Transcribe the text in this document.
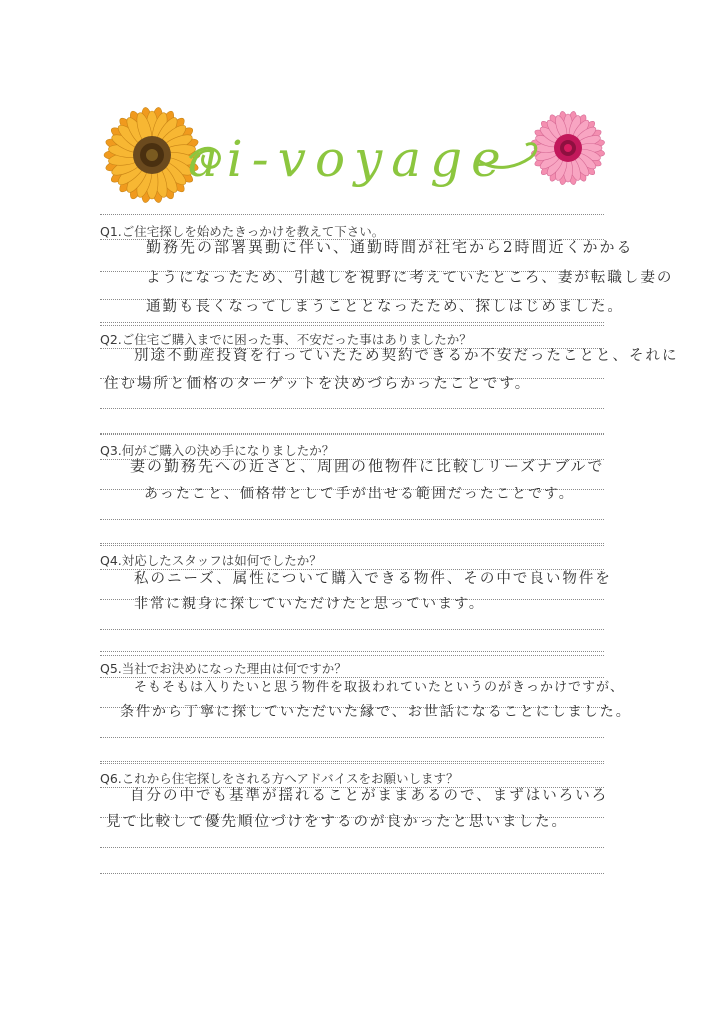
ai-voyage
Q1.ご住宅探しを始めたきっかけを教えて下さい。
勤務先の部署異動に伴い、通勤時間が社宅から2時間近くかかる
ようになったため、引越しを視野に考えていたところ、妻が転職し妻の
通勤も長くなってしまうこととなったため、探しはじめました。
Q2.ご住宅ご購入までに困った事、不安だった事はありましたか？
別途不動産投資を行っていたため契約できるか不安だったことと、それに
住む場所と価格のターゲットを決めづらかったことです。
Q3.何がご購入の決め手になりましたか？
妻の勤務先への近さと、周囲の他物件に比較しリーズナブルで
あったこと、価格帯として手が出せる範囲だったことです。
Q4.対応したスタッフは如何でしたか？
私のニーズ、属性について購入できる物件、その中で良い物件を
非常に親身に探していただけたと思っています。
Q5.当社でお決めになった理由は何ですか？
そもそもは入りたいと思う物件を取扱われていたというのがきっかけですが、
条件から丁寧に探していただいた縁で、お世話になることにしました。
Q6.これから住宅探しをされる方へアドバイスをお願いします？
自分の中でも基準が揺れることがままあるので、まずはいろいろ
見て比較して優先順位づけをするのが良かったと思いました。
